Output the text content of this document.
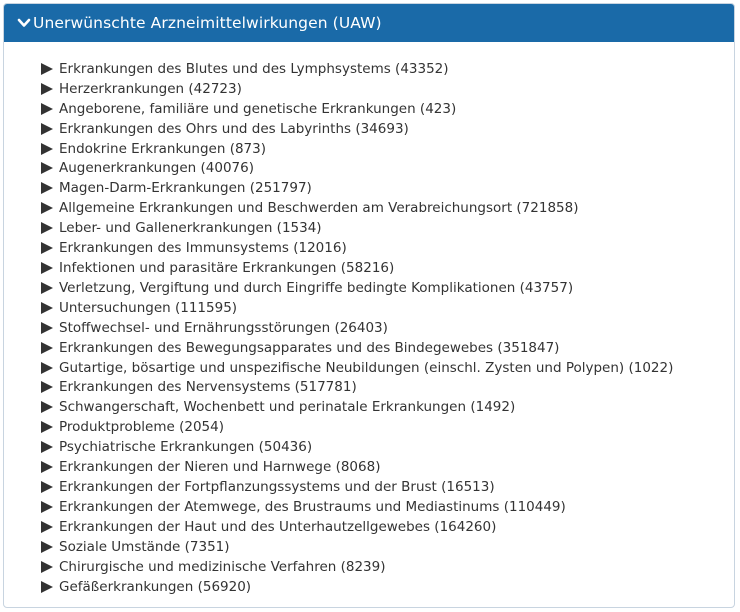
Unerwünschte Arzneimittelwirkungen (UAW)
Erkrankungen des Blutes und des Lymphsystems (43352)
Herzerkrankungen (42723)
Angeborene, familiäre und genetische Erkrankungen (423)
Erkrankungen des Ohrs und des Labyrinths (34693)
Endokrine Erkrankungen (873)
Augenerkrankungen (40076)
Magen-Darm-Erkrankungen (251797)
Allgemeine Erkrankungen und Beschwerden am Verabreichungsort (721858)
Leber- und Gallenerkrankungen (1534)
Erkrankungen des Immunsystems (12016)
Infektionen und parasitäre Erkrankungen (58216)
Verletzung, Vergiftung und durch Eingriffe bedingte Komplikationen (43757)
Untersuchungen (111595)
Stoffwechsel- und Ernährungsstörungen (26403)
Erkrankungen des Bewegungsapparates und des Bindegewebes (351847)
Gutartige, bösartige und unspezifische Neubildungen (einschl. Zysten und Polypen) (1022)
Erkrankungen des Nervensystems (517781)
Schwangerschaft, Wochenbett und perinatale Erkrankungen (1492)
Produktprobleme (2054)
Psychiatrische Erkrankungen (50436)
Erkrankungen der Nieren und Harnwege (8068)
Erkrankungen der Fortpflanzungssystems und der Brust (16513)
Erkrankungen der Atemwege, des Brustraums und Mediastinums (110449)
Erkrankungen der Haut und des Unterhautzellgewebes (164260)
Soziale Umstände (7351)
Chirurgische und medizinische Verfahren (8239)
Gefäßerkrankungen (56920)
